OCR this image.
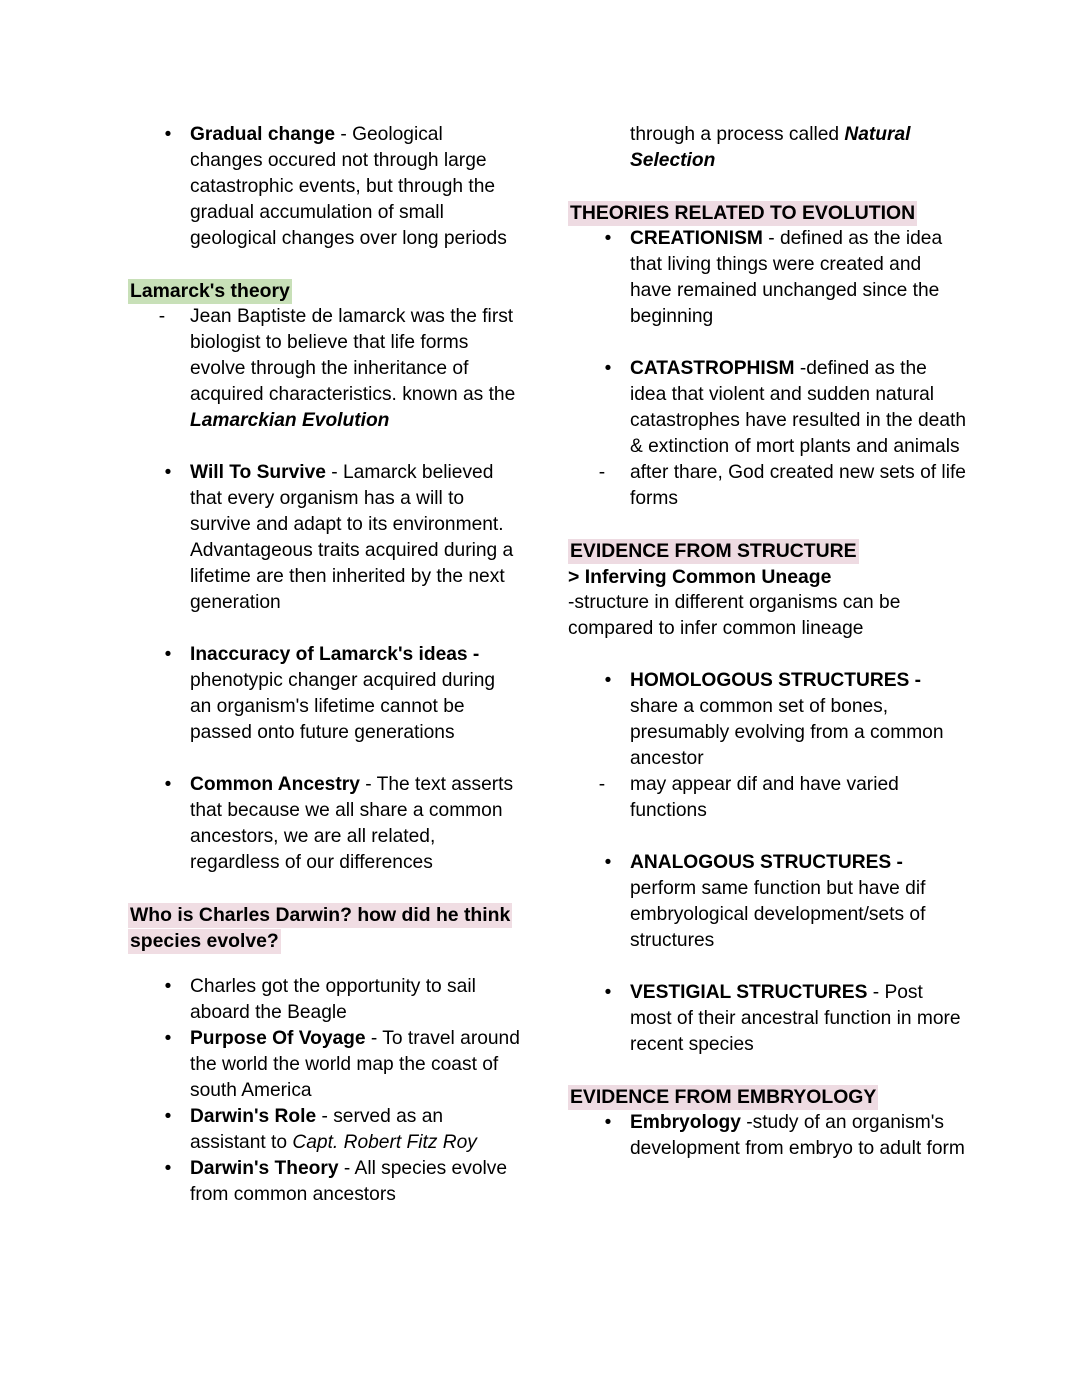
• Gradual change - Geological changes occured not through large catastrophic events, but through the gradual accumulation of small geological changes over long periods
Lamarck's theory
-	Jean Baptiste de lamarck was the first biologist to believe that life forms evolve through the inheritance of acquired characteristics. known as the Lamarckian Evolution
• Will To Survive - Lamarck believed that every organism has a will to survive and adapt to its environment. Advantageous traits acquired during a lifetime are then inherited by the next generation
• Inaccuracy of Lamarck's ideas - phenotypic changer acquired during an organism's lifetime cannot be passed onto future generations
• Common Ancestry - The text asserts that because we all share a common ancestors, we are all related, regardless of our differences
Who is Charles Darwin? how did he think species evolve?
• Charles got the opportunity to sail aboard the Beagle
• Purpose Of Voyage - To travel around the world the world map the coast of south America
• Darwin's Role - served as an assistant to Capt. Robert Fitz Roy
• Darwin's Theory - All species evolve from common ancestors

through a process called Natural Selection

THEORIES RELATED TO EVOLUTION
• CREATIONISM - defined as the idea that living things were created and have remained unchanged since the beginning
• CATASTROPHISM -defined as the idea that violent and sudden natural catastrophes have resulted in the death & extinction of mort plants and animals
-	after thare, God created new sets of life forms
EVIDENCE FROM STRUCTURE
> Inferving Common Uneage
-structure in different organisms can be compared to infer common lineage
• HOMOLOGOUS STRUCTURES - share a common set of bones, presumably evolving from a common ancestor
-	may appear dif and have varied functions
• ANALOGOUS STRUCTURES - perform same function but have dif embryological development/sets of structures
• VESTIGIAL STRUCTURES - Post most of their ancestral function in more recent species
EVIDENCE FROM EMBRYOLOGY
• Embryology -study of an organism's development from embryo to adult form
